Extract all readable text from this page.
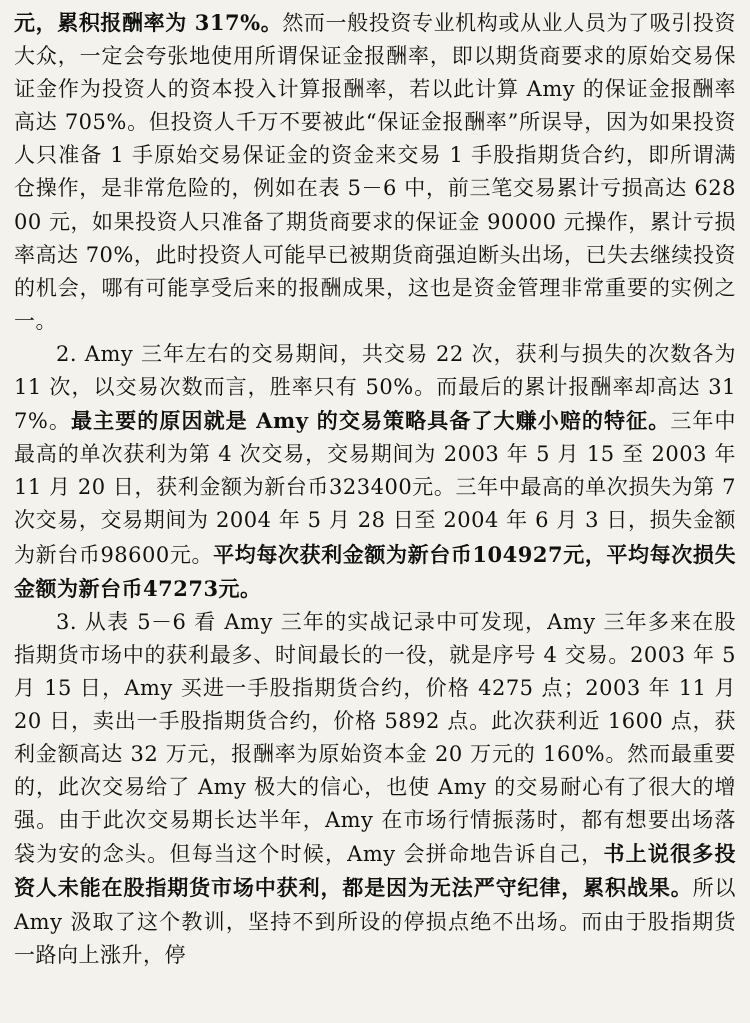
元，累积报酬率为 317%。然而一般投资专业机构或从业人员为了吸引投资大众，一定会夸张地使用所谓保证金报酬率，即以期货商要求的原始交易保证金作为投资人的资本投入计算报酬率，若以此计算 Amy 的保证金报酬率高达 705%。但投资人千万不要被此“保证金报酬率”所误导，因为如果投资人只准备 1 手原始交易保证金的资金来交易 1 手股指期货合约，即所谓满仓操作，是非常危险的，例如在表 5－6 中，前三笔交易累计亏损高达 62800 元，如果投资人只准备了期货商要求的保证金 90000 元操作，累计亏损率高达 70%，此时投资人可能早已被期货商强迫断头出场，已失去继续投资的机会，哪有可能享受后来的报酬成果，这也是资金管理非常重要的实例之一。

2. Amy 三年左右的交易期间，共交易 22 次，获利与损失的次数各为 11 次，以交易次数而言，胜率只有 50%。而最后的累计报酬率却高达 317%。最主要的原因就是 Amy 的交易策略具备了大赚小赔的特征。三年中最高的单次获利为第 4 次交易，交易期间为 2003 年 5 月 15 至 2003 年 11 月 20 日，获利金额为新台币323400元。三年中最高的单次损失为第 7 次交易，交易期间为 2004 年 5 月 28 日至 2004 年 6 月 3 日，损失金额为新台币98600元。平均每次获利金额为新台币104927元，平均每次损失金额为新台币47273元。

3. 从表 5－6 看 Amy 三年的实战记录中可发现，Amy 三年多来在股指期货市场中的获利最多、时间最长的一役，就是序号 4 交易。2003 年 5 月 15 日，Amy 买进一手股指期货合约，价格 4275 点；2003 年 11 月 20 日，卖出一手股指期货合约，价格 5892 点。此次获利近 1600 点，获利金额高达 32 万元，报酬率为原始资本金 20 万元的 160%。然而最重要的，此次交易给了 Amy 极大的信心，也使 Amy 的交易耐心有了很大的增强。由于此次交易期长达半年，Amy 在市场行情振荡时，都有想要出场落袋为安的念头。但每当这个时候，Amy 会拼命地告诉自己，书上说很多投资人未能在股指期货市场中获利，都是因为无法严守纪律，累积战果。所以 Amy 汲取了这个教训，坚持不到所设的停损点绝不出场。而由于股指期货一路向上涨升，停
